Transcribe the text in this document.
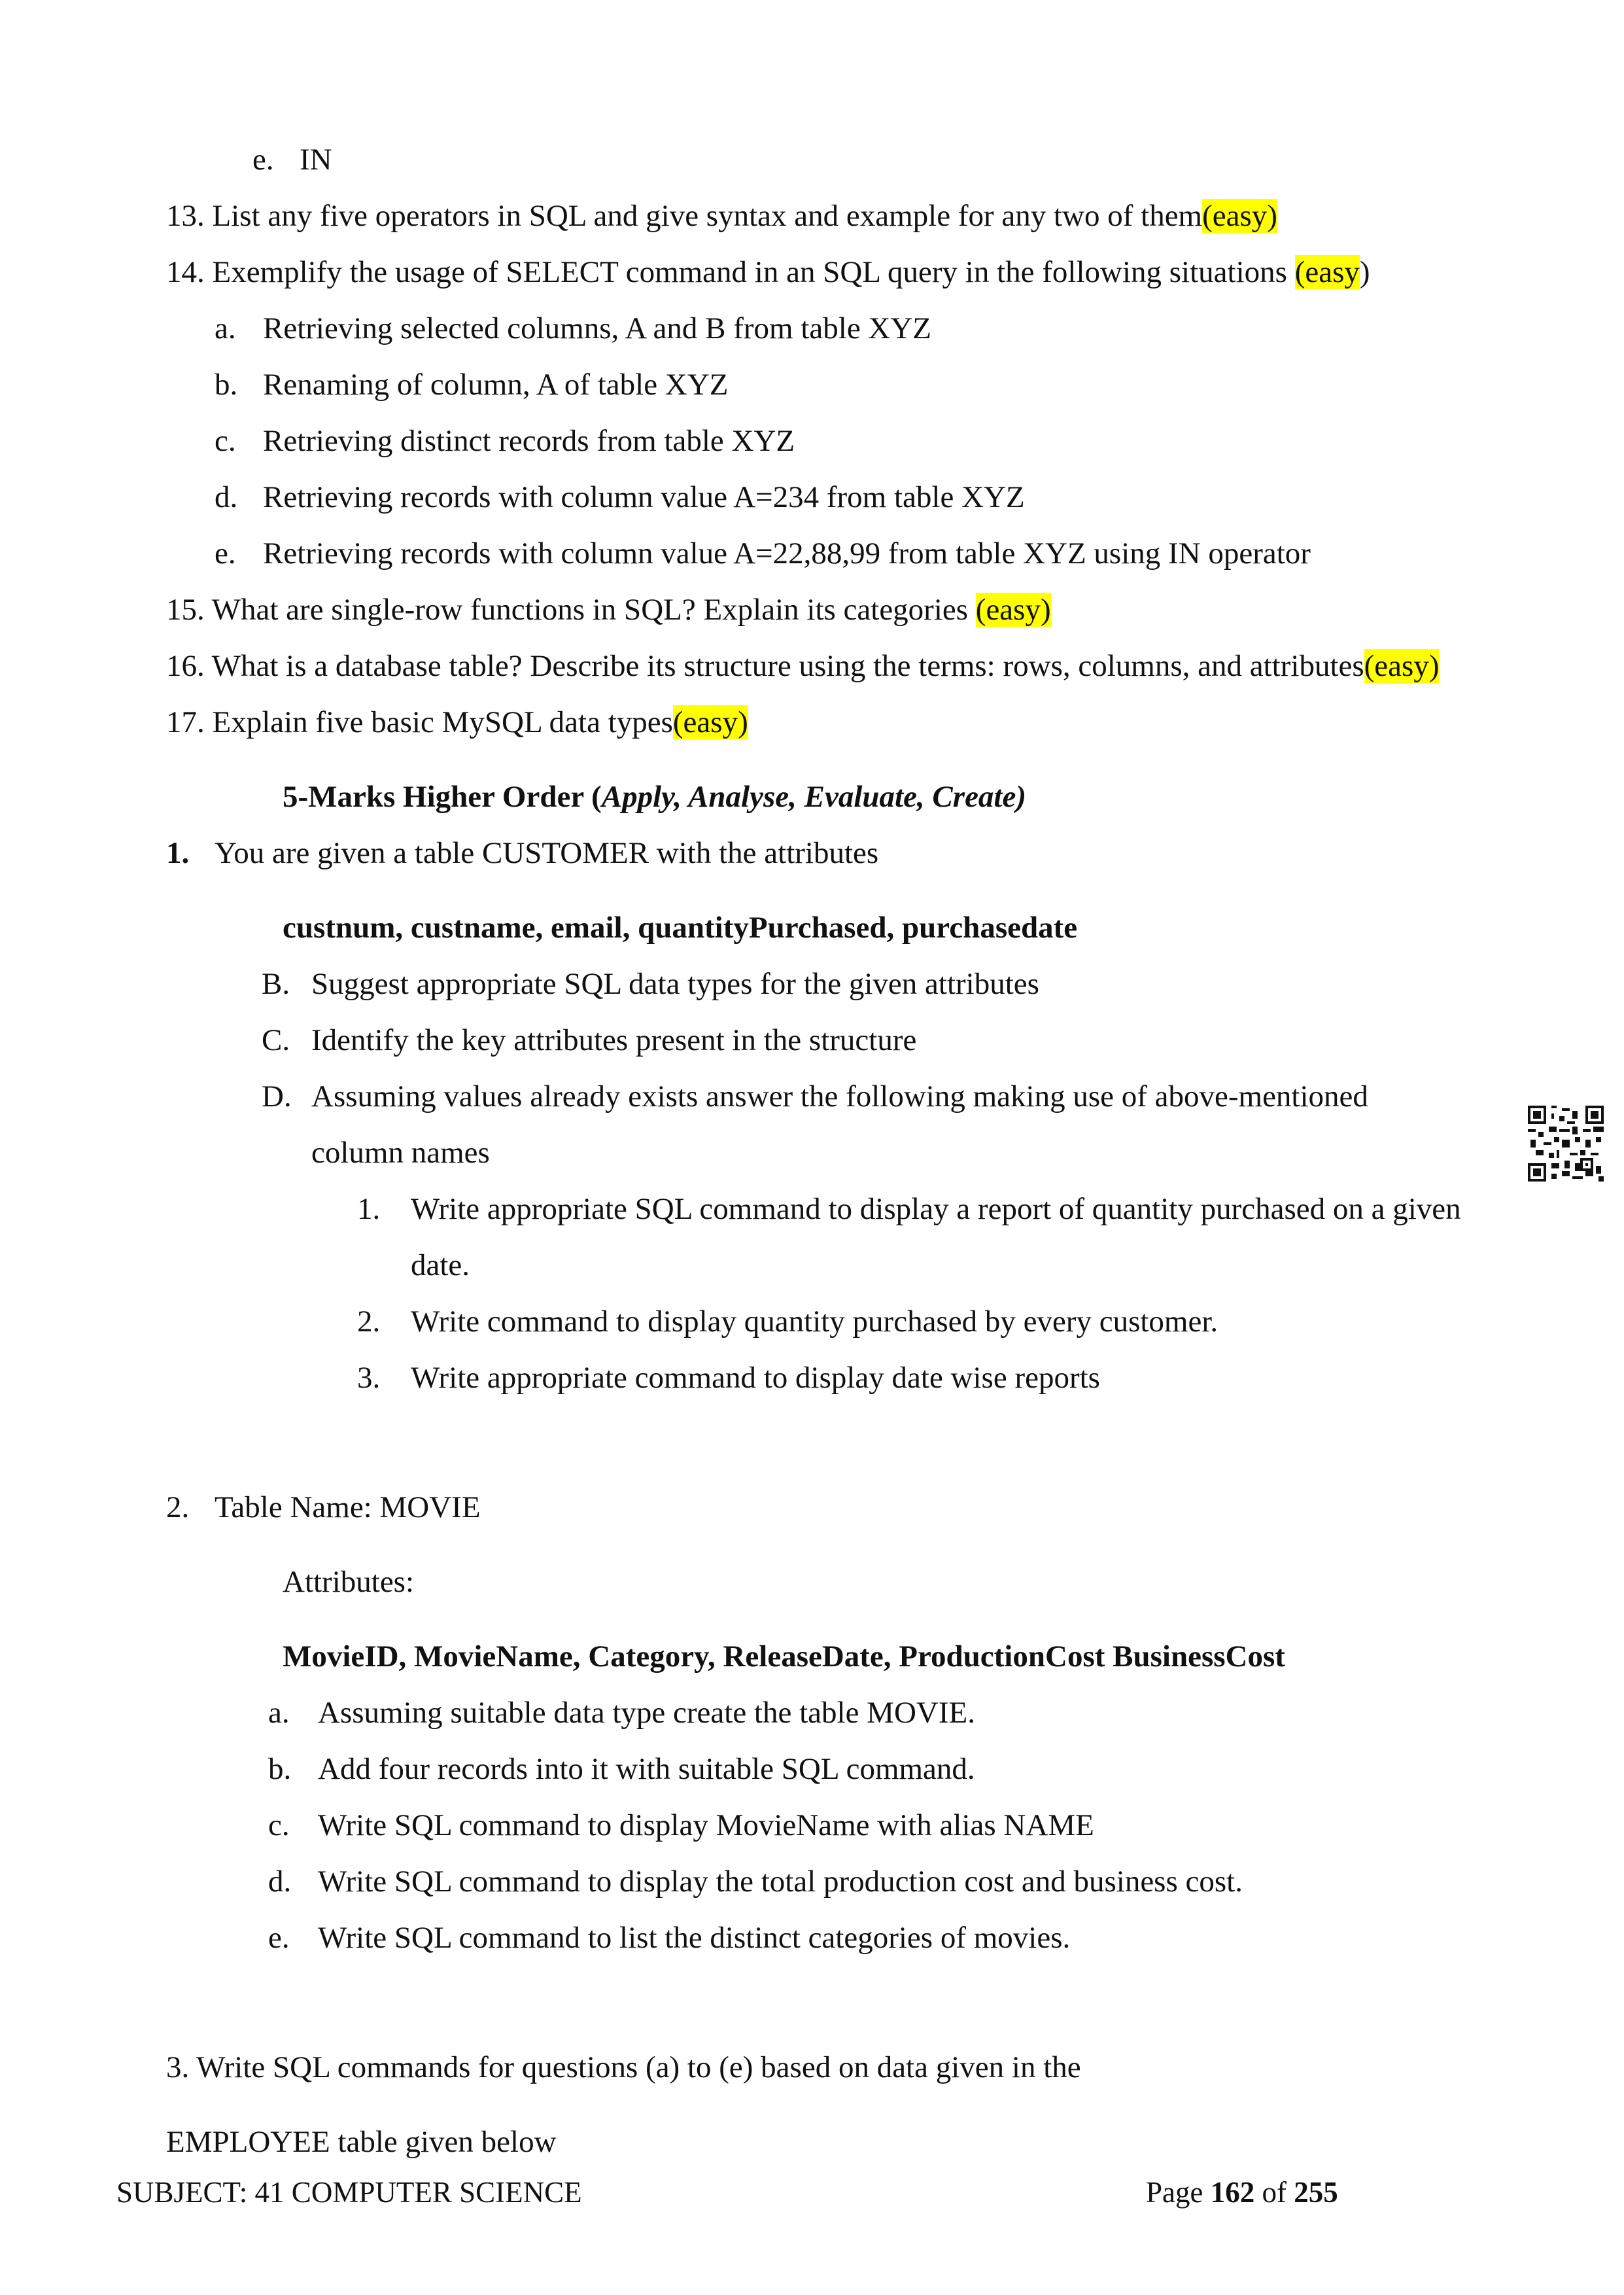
e. IN
13. List any five operators in SQL and give syntax and example for any two of them(easy)
14. Exemplify the usage of SELECT command in an SQL query in the following situations (easy)
a. Retrieving selected columns, A and B from table XYZ
b. Renaming of column, A of table XYZ
c. Retrieving distinct records from table XYZ
d. Retrieving records with column value A=234 from table XYZ
e. Retrieving records with column value A=22,88,99 from table XYZ using IN operator
15. What are single-row functions in SQL? Explain its categories (easy)
16. What is a database table? Describe its structure using the terms: rows, columns, and attributes(easy)
17. Explain five basic MySQL data types(easy)
5-Marks Higher Order (Apply, Analyse, Evaluate, Create)
1. You are given a table CUSTOMER with the attributes
custnum, custname, email, quantityPurchased, purchasedate
B. Suggest appropriate SQL data types for the given attributes
C. Identify the key attributes present in the structure
D. Assuming values already exists answer the following making use of above-mentioned
column names
1. Write appropriate SQL command to display a report of quantity purchased on a given
date.
2. Write command to display quantity purchased by every customer.
3. Write appropriate command to display date wise reports
2. Table Name: MOVIE
Attributes:
MovieID, MovieName, Category, ReleaseDate, ProductionCost BusinessCost
a. Assuming suitable data type create the table MOVIE.
b. Add four records into it with suitable SQL command.
c. Write SQL command to display MovieName with alias NAME
d. Write SQL command to display the total production cost and business cost.
e. Write SQL command to list the distinct categories of movies.
3. Write SQL commands for questions (a) to (e) based on data given in the
EMPLOYEE table given below
SUBJECT: 41 COMPUTER SCIENCE	Page 162 of 255
